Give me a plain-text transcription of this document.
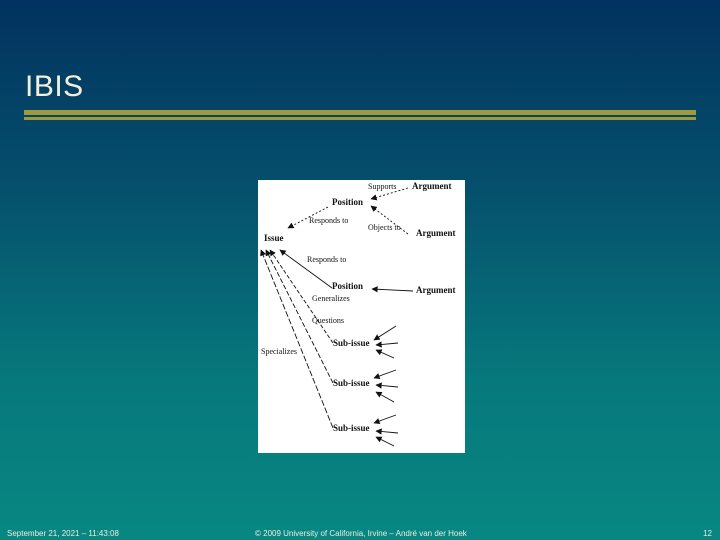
IBIS
Argument
Position
Argument
Issue
Position	Argument
Sub-issue
Sub-issue
Sub-issue
Supports
Objects to
Responds to
Responds to
Generalizes
Questions
Specializes
September 21, 2021 – 11:43:08	© 2009 University of California, Irvine – André van der Hoek	12
